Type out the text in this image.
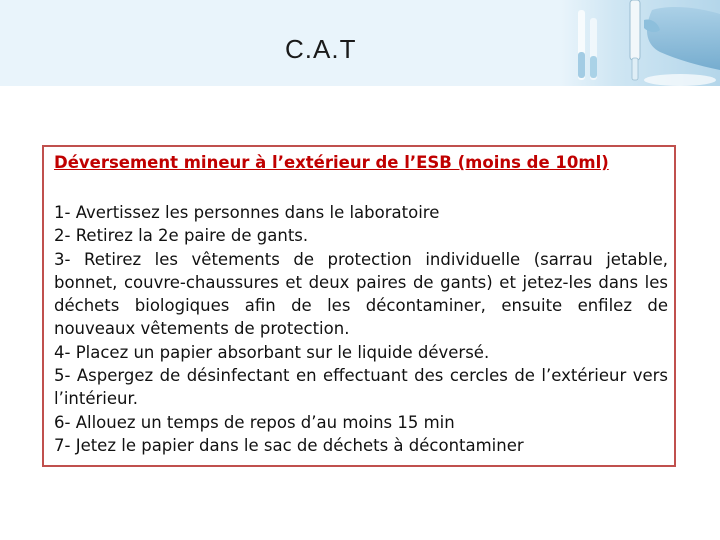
C.A.T
Déversement mineur à l’extérieur de l’ESB (moins de 10ml)
1- Avertissez les personnes dans le laboratoire
2- Retirez la 2e paire de gants.
3- Retirez les vêtements de protection individuelle (sarrau jetable, bonnet, couvre-chaussures et deux paires de gants) et jetez-les dans les déchets biologiques afin de les décontaminer, ensuite enfilez de nouveaux vêtements de protection.
4- Placez un papier absorbant sur le liquide déversé.
5- Aspergez de désinfectant en effectuant des cercles de l’extérieur vers l’intérieur.
6- Allouez un temps de repos d’au moins 15 min
7- Jetez le papier dans le sac de déchets à décontaminer
